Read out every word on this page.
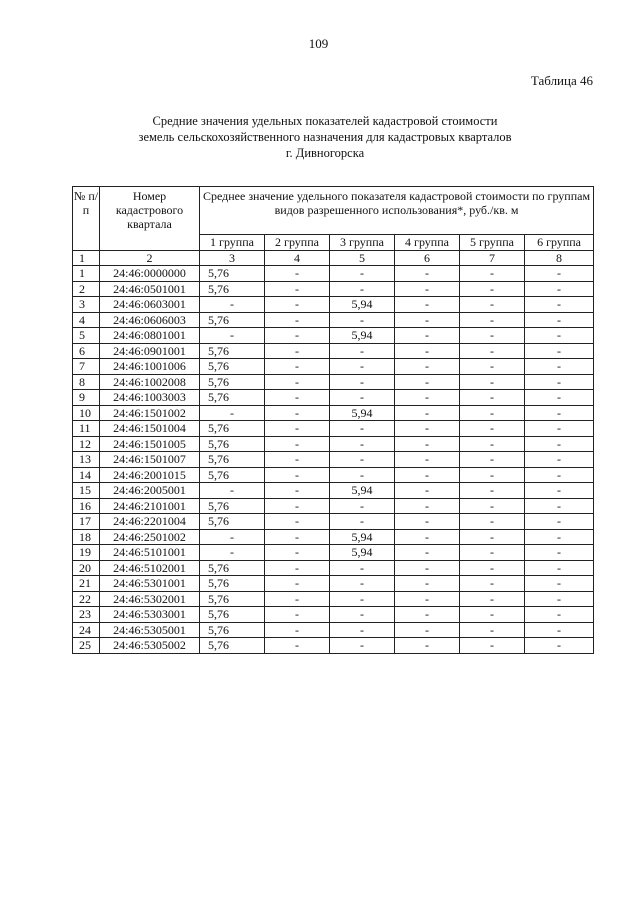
109
Таблица 46
Средние значения удельных показателей кадастровой стоимости
земель сельскохозяйственного назначения для кадастровых кварталов
г. Дивногорска
№ п/п	Номер кадастрового квартала	Среднее значение удельного показателя кадастровой стоимости по группам видов разрешенного использования*, руб./кв. м					
		1 группа	2 группа	3 группа	4 группа	5 группа	6 группа
1	2	3	4	5	6	7	8
1	24:46:0000000	5,76	-	-	-	-	-
2	24:46:0501001	5,76	-	-	-	-	-
3	24:46:0603001	-	-	5,94	-	-	-
4	24:46:0606003	5,76	-	-	-	-	-
5	24:46:0801001	-	-	5,94	-	-	-
6	24:46:0901001	5,76	-	-	-	-	-
7	24:46:1001006	5,76	-	-	-	-	-
8	24:46:1002008	5,76	-	-	-	-	-
9	24:46:1003003	5,76	-	-	-	-	-
10	24:46:1501002	-	-	5,94	-	-	-
11	24:46:1501004	5,76	-	-	-	-	-
12	24:46:1501005	5,76	-	-	-	-	-
13	24:46:1501007	5,76	-	-	-	-	-
14	24:46:2001015	5,76	-	-	-	-	-
15	24:46:2005001	-	-	5,94	-	-	-
16	24:46:2101001	5,76	-	-	-	-	-
17	24:46:2201004	5,76	-	-	-	-	-
18	24:46:2501002	-	-	5,94	-	-	-
19	24:46:5101001	-	-	5,94	-	-	-
20	24:46:5102001	5,76	-	-	-	-	-
21	24:46:5301001	5,76	-	-	-	-	-
22	24:46:5302001	5,76	-	-	-	-	-
23	24:46:5303001	5,76	-	-	-	-	-
24	24:46:5305001	5,76	-	-	-	-	-
25	24:46:5305002	5,76	-	-	-	-	-
